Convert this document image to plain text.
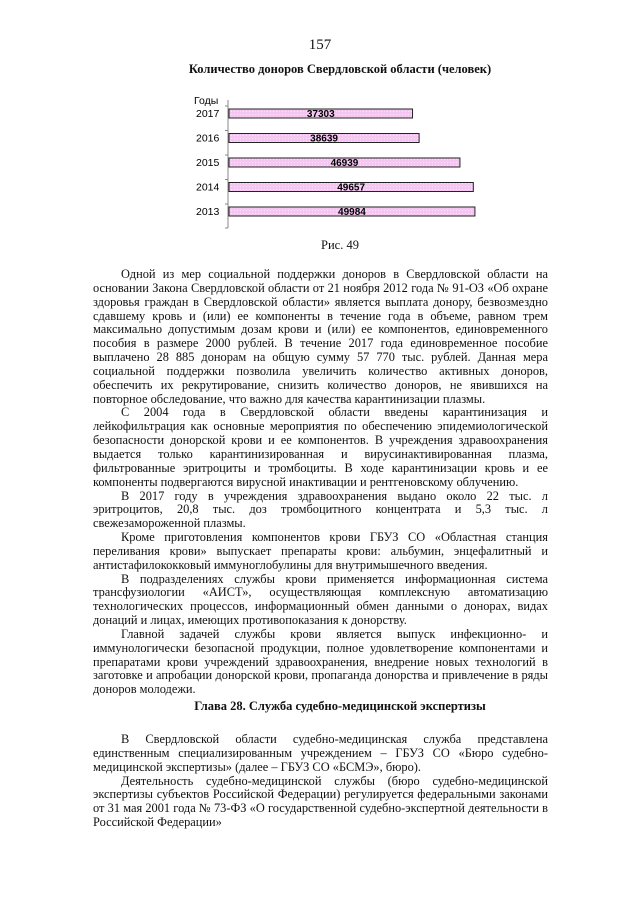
157
Количество доноров Свердловской области (человек)
Годы
2017	37303
2016	38639
2015	46939
2014	49657
2013	49984
Рис. 49

Одной из мер социальной поддержки доноров в Свердловской области на основании Закона Свердловской области от 21 ноября 2012 года № 91-ОЗ «Об охране здоровья граждан в Свердловской области» является выплата донору, безвозмездно сдавшему кровь и (или) ее компоненты в течение года в объеме, равном трем максимально допустимым дозам крови и (или) ее компонентов, единовременного пособия в размере 2000 рублей. В течение 2017 года единовременное пособие выплачено 28 885 донорам на общую сумму 57 770 тыс. рублей. Данная мера социальной поддержки позволила увеличить количество активных доноров, обеспечить их рекрутирование, снизить количество доноров, не явившихся на повторное обследование, что важно для качества карантинизации плазмы.

С 2004 года в Свердловской области введены карантинизация и лейкофильтрация как основные мероприятия по обеспечению эпидемиологической безопасности донорской крови и ее компонентов. В учреждения здравоохранения выдается только карантинизированная и вирусинактивированная плазма, фильтрованные эритроциты и тромбоциты. В ходе карантинизации кровь и ее компоненты подвергаются вирусной инактивации и рентгеновскому облучению.

В 2017 году в учреждения здравоохранения выдано около 22 тыс. л эритроцитов, 20,8 тыс. доз тромбоцитного концентрата и 5,3 тыс. л свежезамороженной плазмы.

Кроме приготовления компонентов крови ГБУЗ СО «Областная станция переливания крови» выпускает препараты крови: альбумин, энцефалитный и антистафилококковый иммуноглобулины для внутримышечного введения.

В подразделениях службы крови применяется информационная система трансфузиологии «АИСТ», осуществляющая комплексную автоматизацию технологических процессов, информационный обмен данными о донорах, видах донаций и лицах, имеющих противопоказания к донорству.

Главной задачей службы крови является выпуск инфекционно- и иммунологически безопасной продукции, полное удовлетворение компонентами и препаратами крови учреждений здравоохранения, внедрение новых технологий в заготовке и апробации донорской крови, пропаганда донорства и привлечение в ряды доноров молодежи.

Глава 28. Служба судебно-медицинской экспертизы

В Свердловской области судебно-медицинская служба представлена единственным специализированным учреждением – ГБУЗ СО «Бюро судебно-медицинской экспертизы» (далее – ГБУЗ СО «БСМЭ», бюро).

Деятельность судебно-медицинской службы (бюро судебно-медицинской экспертизы субъектов Российской Федерации) регулируется федеральными законами от 31 мая 2001 года № 73-ФЗ «О государственной судебно-экспертной деятельности в Российской Федерации»
